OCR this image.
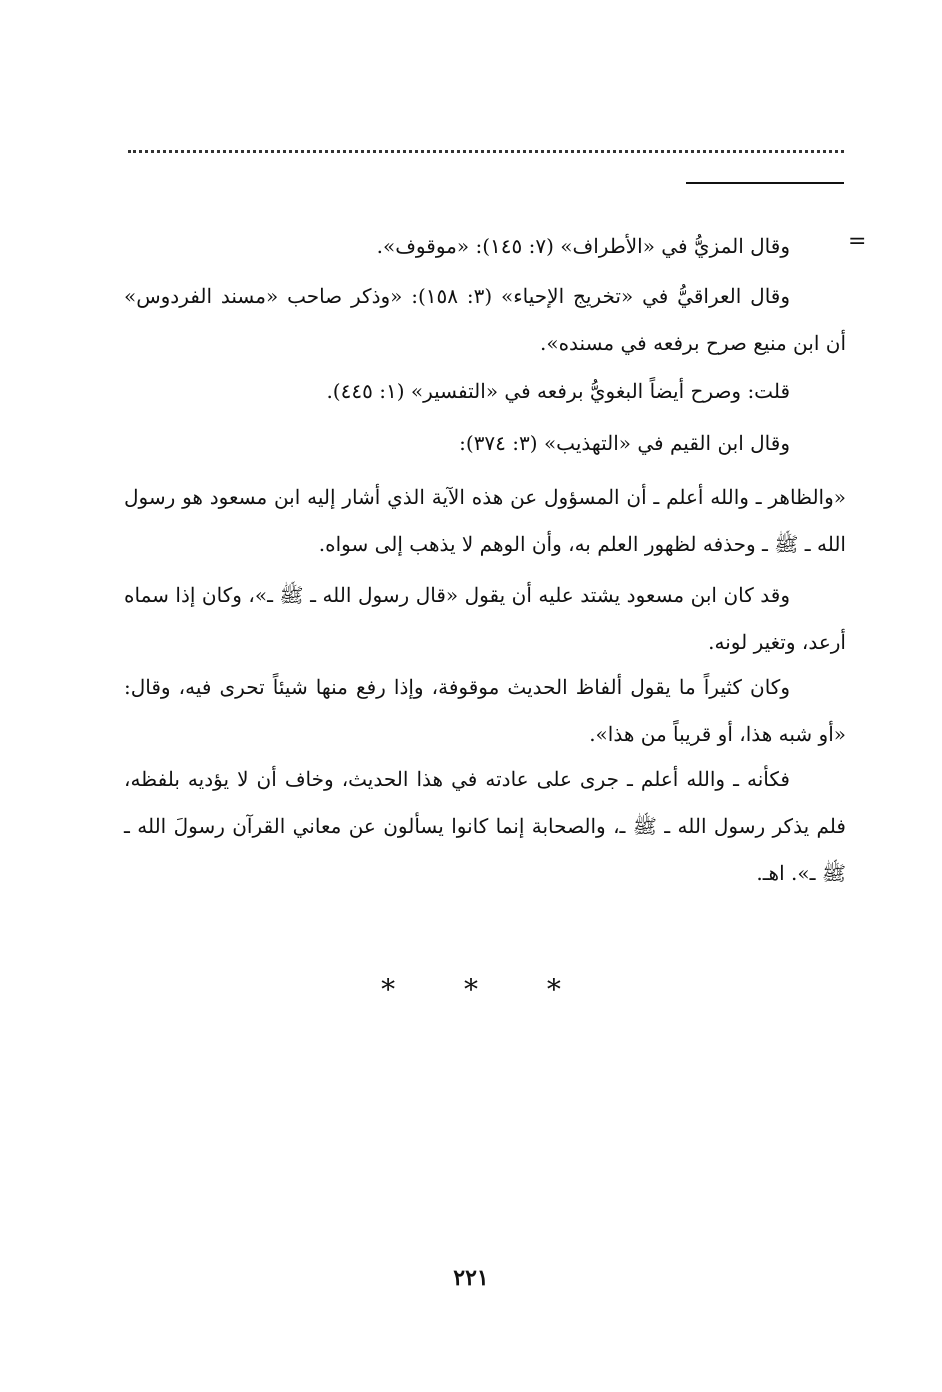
=

وقال المزيُّ في «الأطراف» (٧: ١٤٥): «موقوف».

وقال العراقيُّ في «تخريج الإحياء» (٣: ١٥٨): «وذكر صاحب «مسند الفردوس» أن ابن منيع صرح برفعه في مسنده».

قلت: وصرح أيضاً البغويُّ برفعه في «التفسير» (١: ٤٤٥).

وقال ابن القيم في «التهذيب» (٣: ٣٧٤):

«والظاهر ـ والله أعلم ـ أن المسؤول عن هذه الآية الذي أشار إليه ابن مسعود هو رسول الله ـ ﷺ ـ وحذفه لظهور العلم به، وأن الوهم لا يذهب إلى سواه.

وقد كان ابن مسعود يشتد عليه أن يقول «قال رسول الله ـ ﷺ ـ»، وكان إذا سماه أرعد، وتغير لونه.

وكان كثيراً ما يقول ألفاظ الحديث موقوفة، وإذا رفع منها شيئاً تحرى فيه، وقال: «أو شبه هذا، أو قريباً من هذا».

فكأنه ـ والله أعلم ـ جرى على عادته في هذا الحديث، وخاف أن لا يؤديه بلفظه، فلم يذكر رسول الله ـ ﷺ ـ، والصحابة إنما كانوا يسألون عن معاني القرآن رسولَ الله ـ ﷺ ـ». اهـ.

* * *
٢٢١
